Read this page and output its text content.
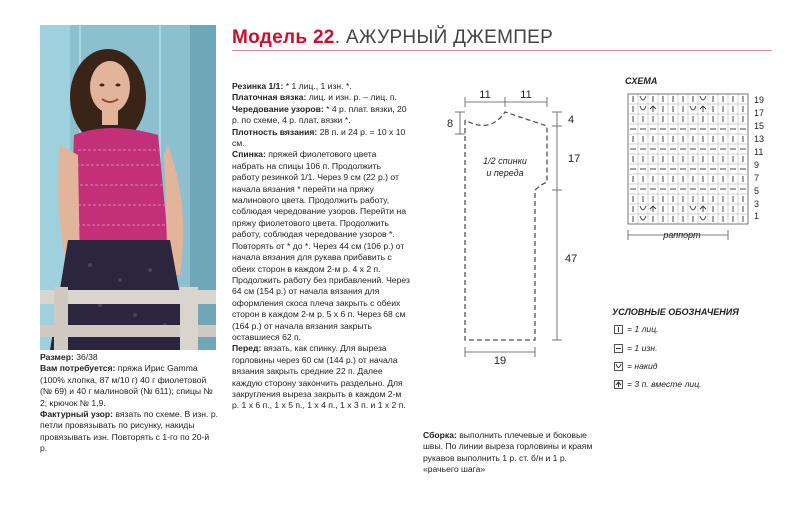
Модель 22. АЖУРНЫЙ ДЖЕМПЕР

Размер: 36/38

Вам потребуется: пряжа Ирис Gamma (100% хлопка, 87 м/10 г) 40 г фиолетовой (№ 69) и 40 г малиновой (№ 611); спицы № 2; крючок № 1,9.

Фактурный узор: вязать по схеме. В изн. р. петли провязывать по рисунку, накиды провязывать изн. Повторять с 1-го по 20-й р.

Резинка 1/1: * 1 лиц., 1 изн. *.

Платочная вязка: лиц. и изн. р. – лиц. п.

Чередование узоров: * 4 р. плат. вязки, 20 р. по схеме, 4 р. плат. вязки *.

Плотность вязания: 28 п. и 24 р. = 10 x 10 см.

Спинка: пряжей фиолетового цвета набрать на спицы 106 п. Продолжить работу резинкой 1/1. Через 9 см (22 р.) от начала вязания * перейти на пряжу малинового цвета. Продолжить работу, соблюдая чередование узоров. Перейти на пряжу фиолетового цвета. Продолжить работу, соблюдая чередование узоров *. Повторять от * до *. Через 44 см (106 р.) от начала вязания для рукава прибавить с обеих сторон в каждом 2-м р. 4 x 2 п. Продолжить работу без прибавлений. Через 64 см (154 р.) от начала вязания для оформления скоса плеча закрыть с обеих сторон в каждом 2-м р. 5 x 6 п. Через 68 см (164 р.) от начала вязания закрыть оставшиеся 62 п.

Перед: вязать, как спинку. Для выреза горловины через 60 см (144 р.) от начала вязания закрыть средние 22 п. Далее каждую сторону закончить раздельно. Для закругления выреза закрыть в каждом 2-м р. 1 x 6 п., 1 x 5 п., 1 x 4 п., 1 x 3 п. и 1 x 2 п.

11	11
8	4
17
47
19
1/2 спинки
и переда

Сборка: выполнить плечевые и боковые швы. По линии выреза горловины и краям рукавов выполнить 1 р. ст. б/н и 1 р. «рачьего шага»

СХЕМА
19
17
15
13
11
9
7
5
3
1
раппорт
УСЛОВНЫЕ ОБОЗНАЧЕНИЯ
= 1 лиц.
= 1 изн.
= накид
= 3 п. вместе лиц.
